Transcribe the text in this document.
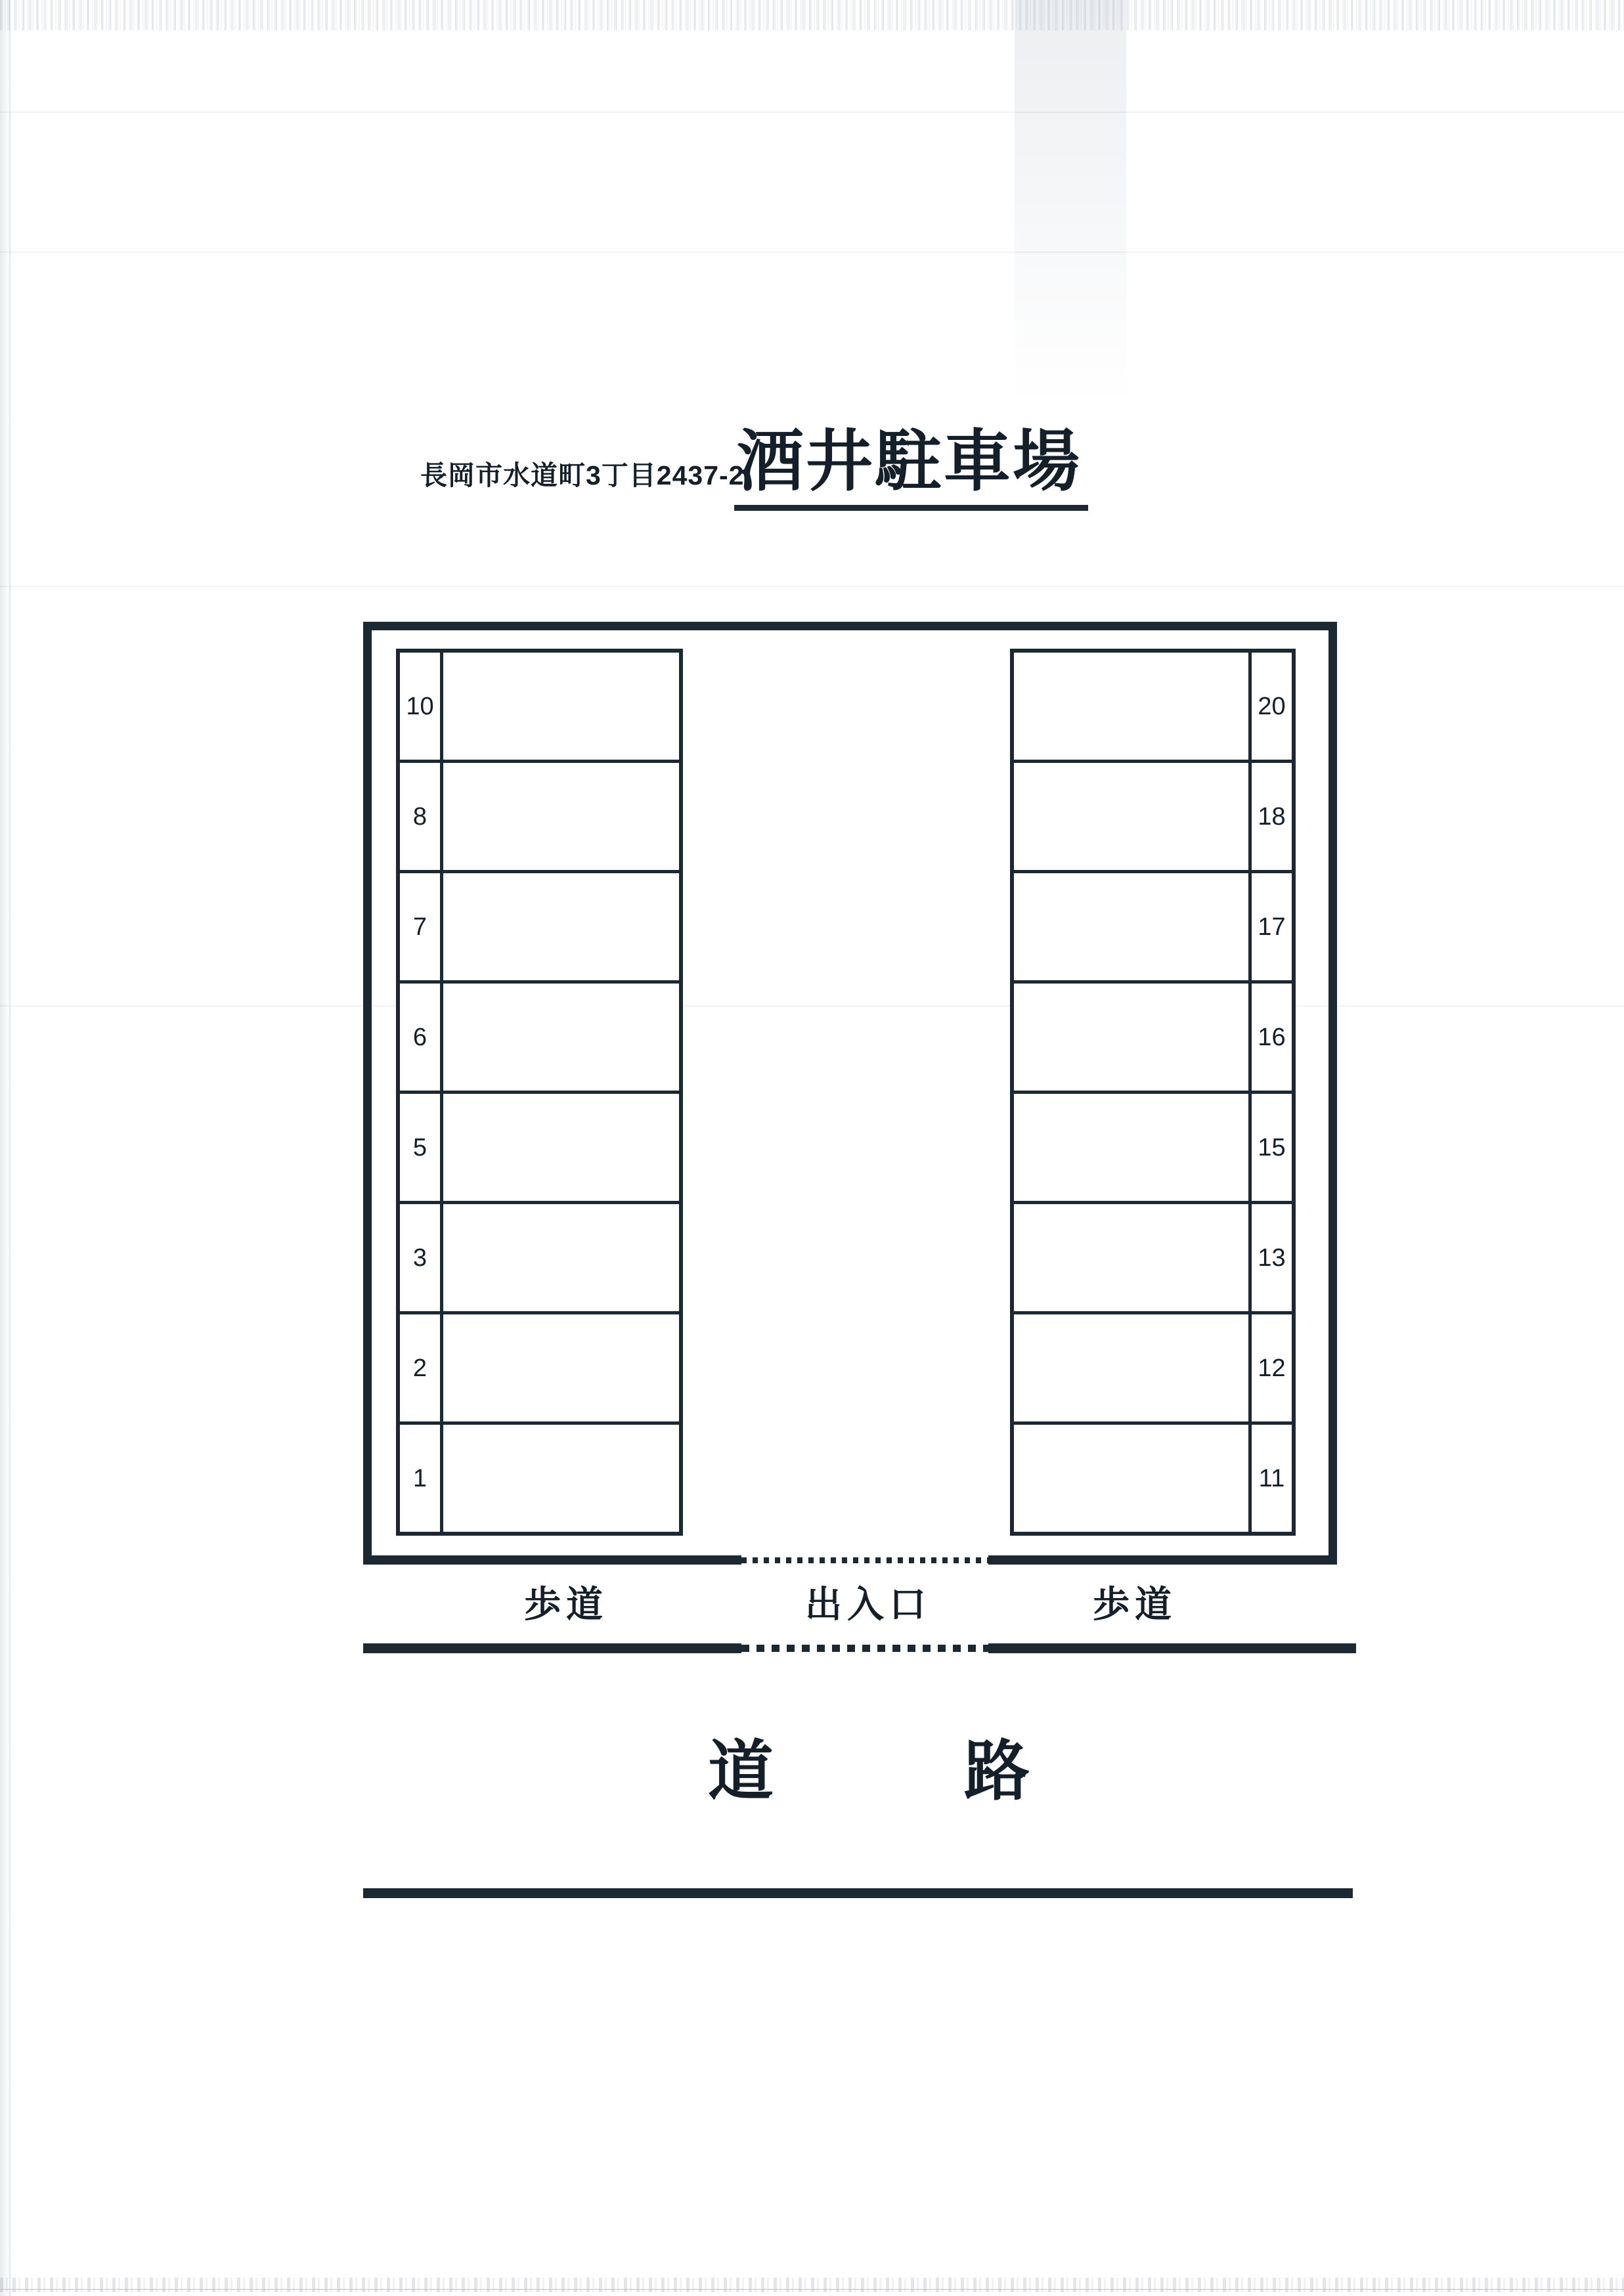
長岡市水道町3丁目2437-2
酒井駐車場
10
8
7
6
5
3
2
1
20
18
17
16
15
13
12
11
歩道	出入口	歩道
道	路
